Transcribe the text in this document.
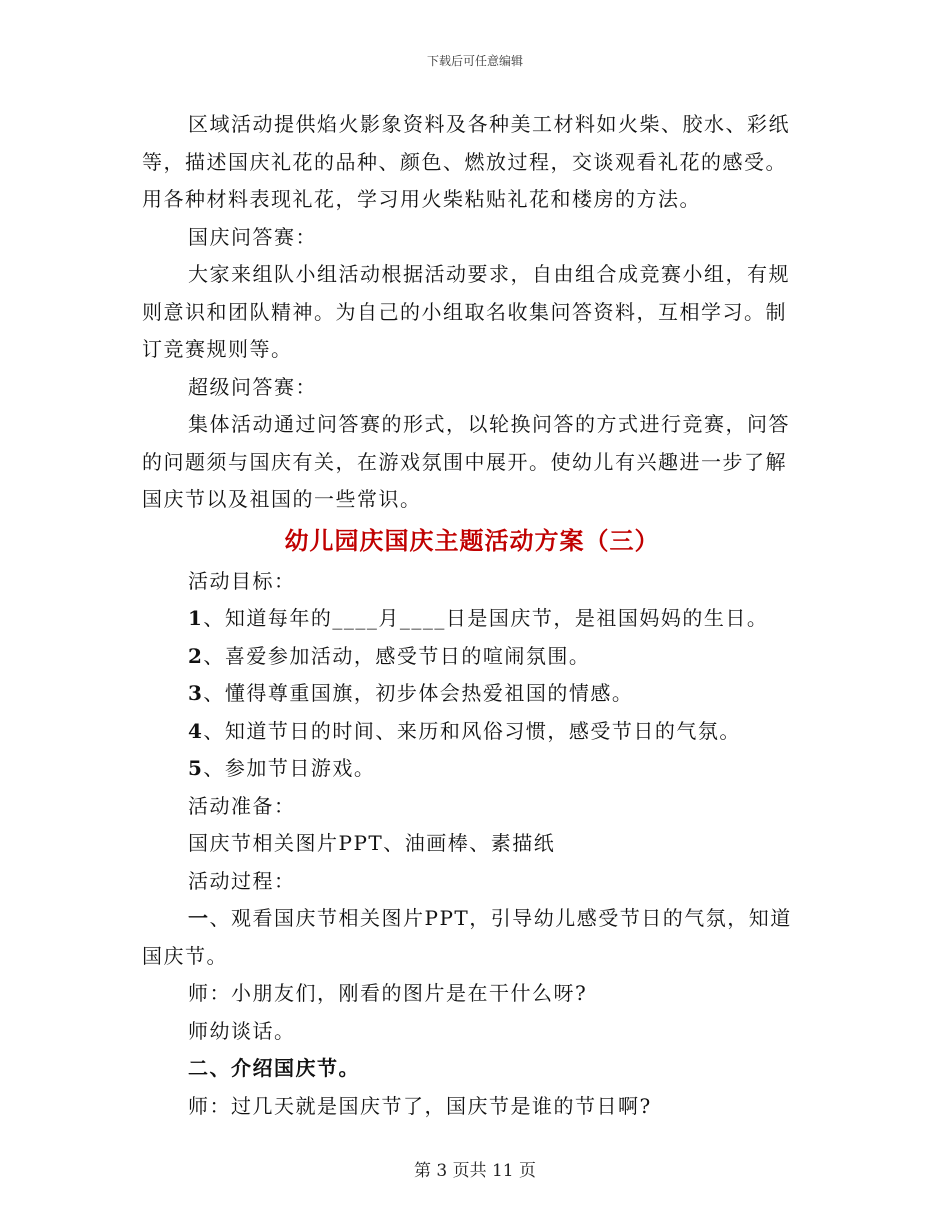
下载后可任意编辑

区域活动提供焰火影象资料及各种美工材料如火柴、胶水、彩纸等，描述国庆礼花的品种、颜色、燃放过程，交谈观看礼花的感受。用各种材料表现礼花，学习用火柴粘贴礼花和楼房的方法。

国庆问答赛：

大家来组队小组活动根据活动要求，自由组合成竞赛小组，有规则意识和团队精神。为自己的小组取名收集问答资料，互相学习。制订竞赛规则等。

超级问答赛：

集体活动通过问答赛的形式，以轮换问答的方式进行竞赛，问答的问题须与国庆有关，在游戏氛围中展开。使幼儿有兴趣进一步了解国庆节以及祖国的一些常识。

幼儿园庆国庆主题活动方案（三）

活动目标：

1、知道每年的____月____日是国庆节，是祖国妈妈的生日。

2、喜爱参加活动，感受节日的喧闹氛围。

3、懂得尊重国旗，初步体会热爱祖国的情感。

4、知道节日的时间、来历和风俗习惯，感受节日的气氛。

5、参加节日游戏。

活动准备：

国庆节相关图片PPT、油画棒、素描纸

活动过程：

一、观看国庆节相关图片PPT，引导幼儿感受节日的气氛，知道国庆节。

师：小朋友们，刚看的图片是在干什么呀?

师幼谈话。

二、介绍国庆节。

师：过几天就是国庆节了，国庆节是谁的节日啊?

第 3 页共 11 页
